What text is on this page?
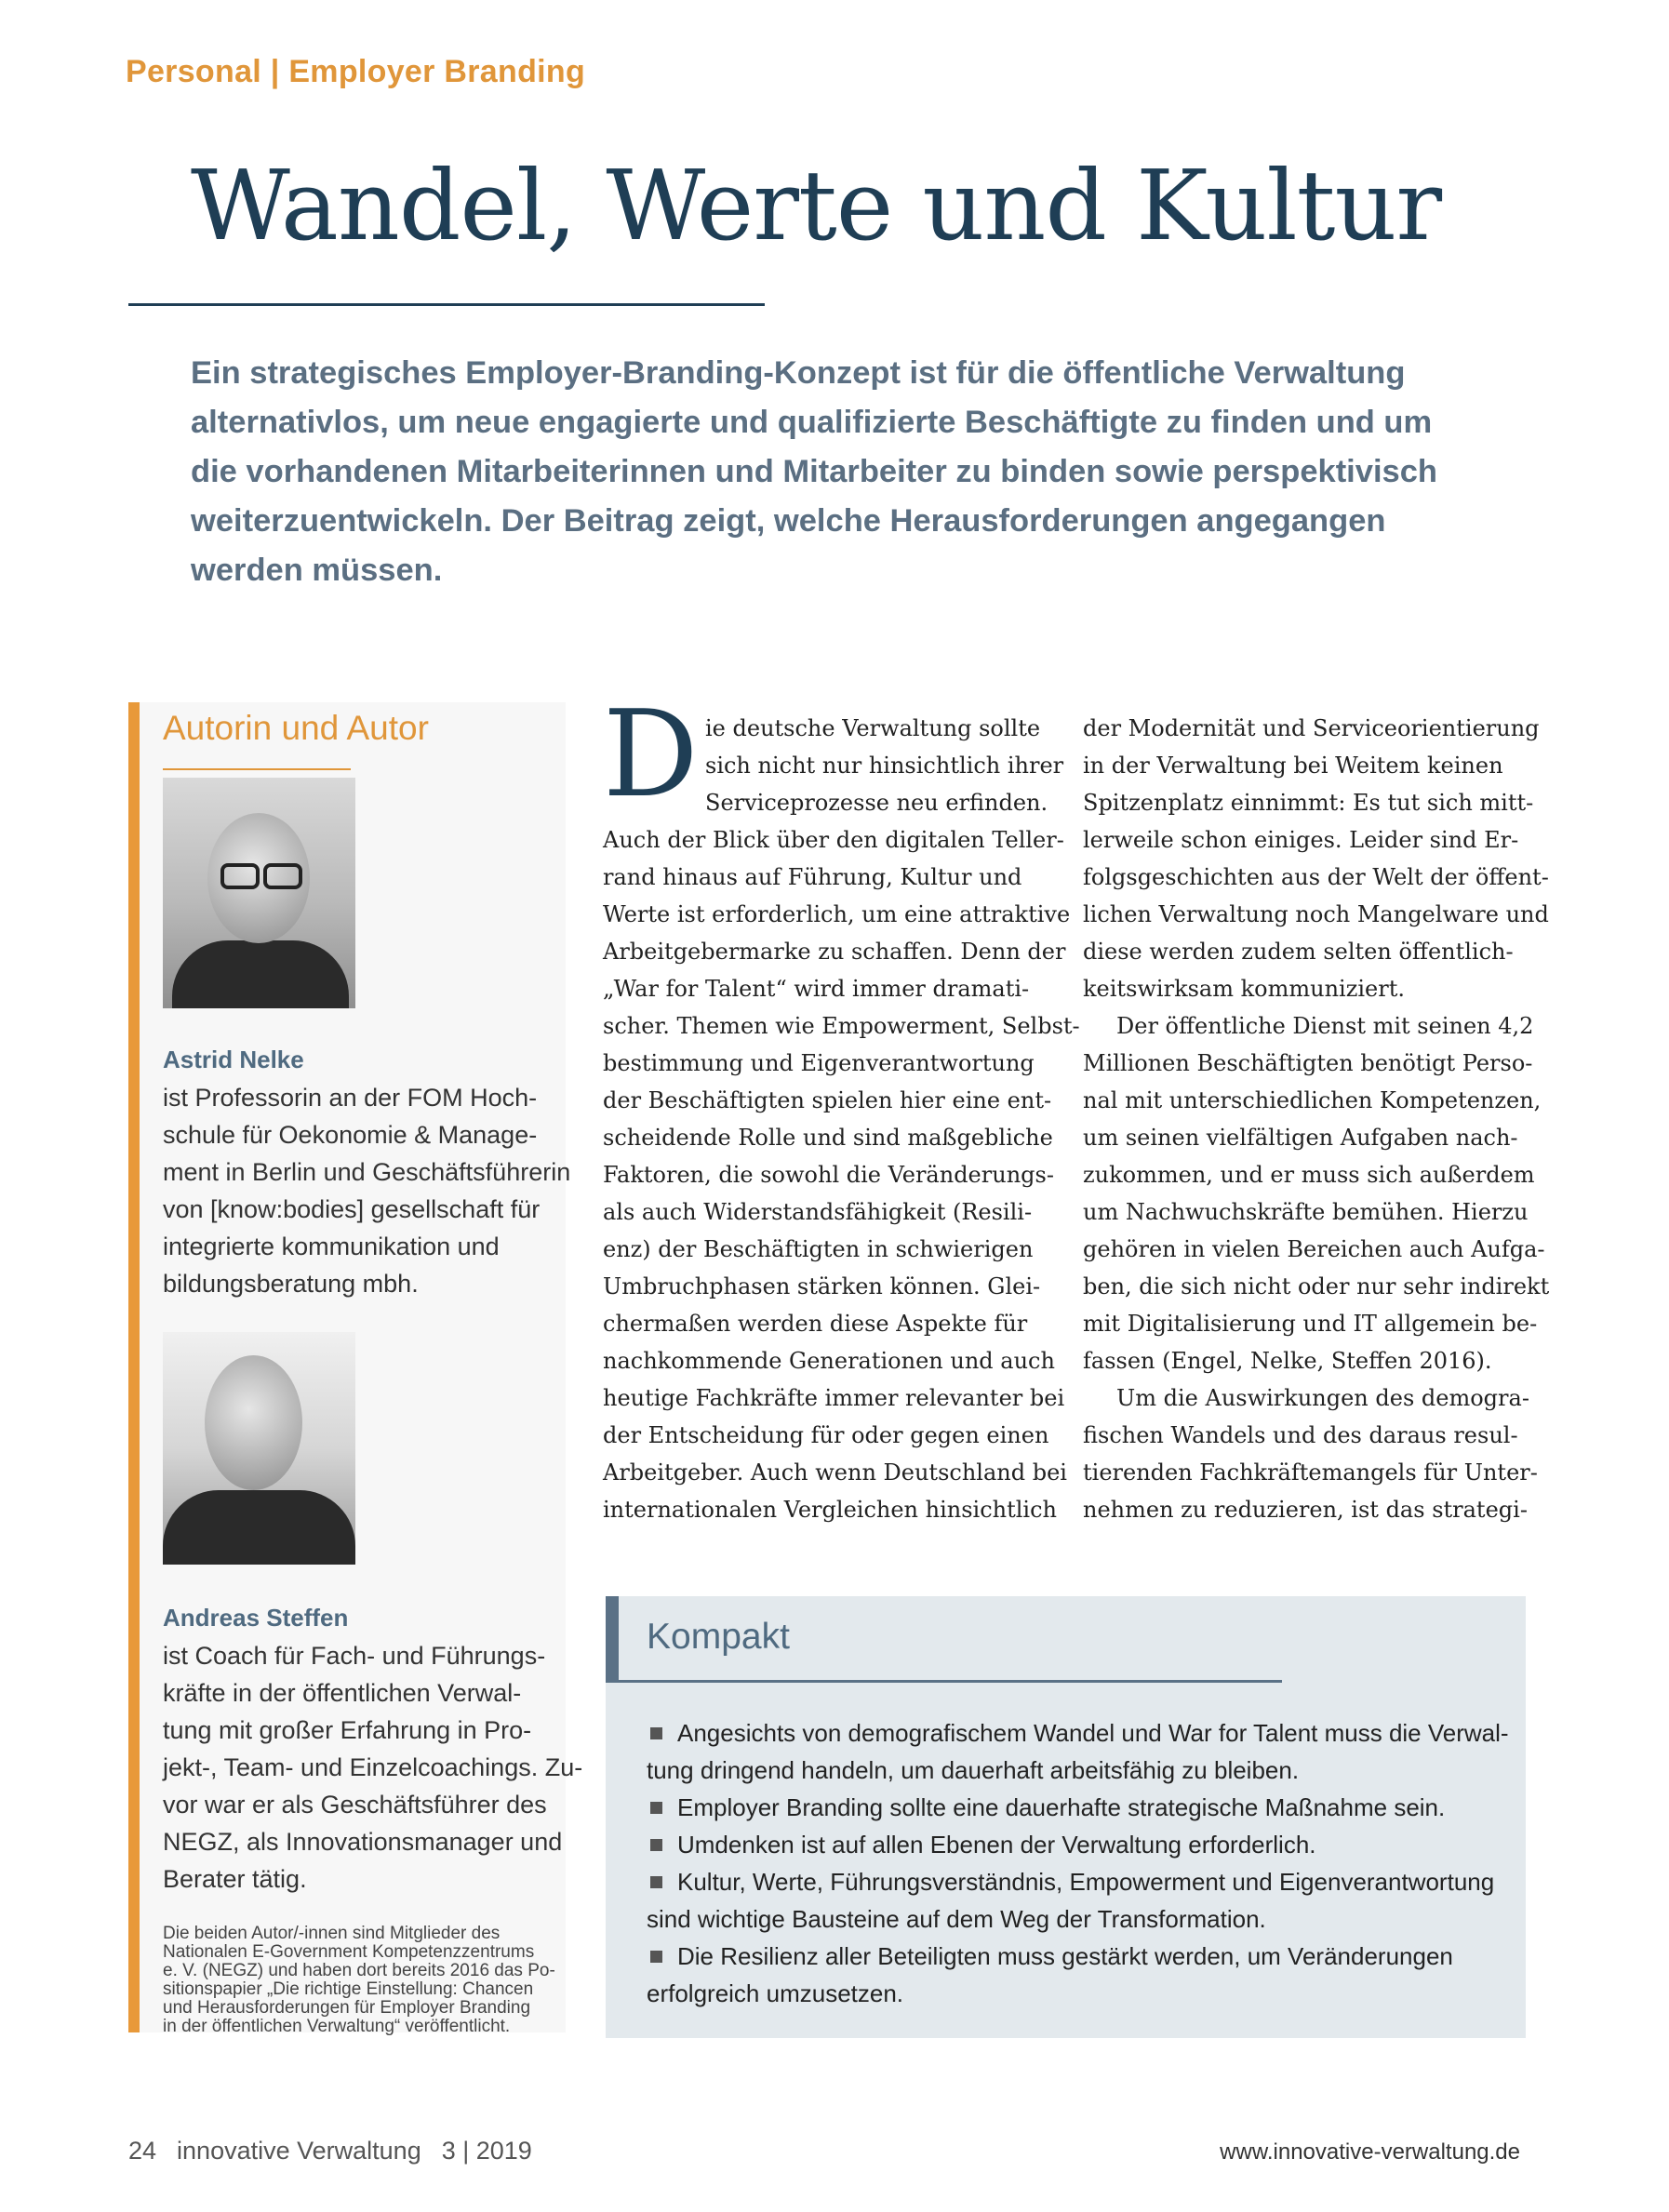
Personal | Employer Branding
Wandel, Werte und Kultur

Ein strategisches Employer-Branding-Konzept ist für die öffentliche Verwaltung

alternativlos, um neue engagierte und qualifizierte Beschäftigte zu finden und um

die vorhandenen Mitarbeiterinnen und Mitarbeiter zu binden sowie perspektivisch

weiterzuentwickeln. Der Beitrag zeigt, welche Herausforderungen angegangen

werden müssen.

Autorin und Autor
Astrid Nelke

ist Professorin an der FOM Hoch-

schule für Oekonomie & Manage-

ment in Berlin und Geschäftsführerin

von [know:bodies] gesellschaft für

integrierte kommunikation und

bildungsberatung mbh.

Andreas Steffen

ist Coach für Fach- und Führungs-

kräfte in der öffentlichen Verwal-

tung mit großer Erfahrung in Pro-

jekt-, Team- und Einzelcoachings. Zu-

vor war er als Geschäftsführer des

NEGZ, als Innovationsmanager und

Berater tätig.

Die beiden Autor/-innen sind Mitglieder des

Nationalen E-Government Kompetenzzentrums

e. V. (NEGZ) und haben dort bereits 2016 das Po-

sitionspapier „Die richtige Einstellung: Chancen

und Herausforderungen für Employer Branding

in der öffentlichen Verwaltung“ veröffentlicht.

D ie deutsche Verwaltung sollte

sich nicht nur hinsichtlich ihrer

Serviceprozesse neu erfinden.

Auch der Blick über den digitalen Teller-

rand hinaus auf Führung, Kultur und

Werte ist erforderlich, um eine attraktive

Arbeitgebermarke zu schaffen. Denn der

„War for Talent“ wird immer dramati-

scher. Themen wie Empowerment, Selbst-

bestimmung und Eigenverantwortung

der Beschäftigten spielen hier eine ent-

scheidende Rolle und sind maßgebliche

Faktoren, die sowohl die Veränderungs-

als auch Widerstandsfähigkeit (Resili-

enz) der Beschäftigten in schwierigen

Umbruchphasen stärken können. Glei-

chermaßen werden diese Aspekte für

nachkommende Generationen und auch

heutige Fachkräfte immer relevanter bei

der Entscheidung für oder gegen einen

Arbeitgeber. Auch wenn Deutschland bei

internationalen Vergleichen hinsichtlich

der Modernität und Serviceorientierung

in der Verwaltung bei Weitem keinen

Spitzenplatz einnimmt: Es tut sich mitt-

lerweile schon einiges. Leider sind Er-

folgsgeschichten aus der Welt der öffent-

lichen Verwaltung noch Mangelware und

diese werden zudem selten öffentlich-

keitswirksam kommuniziert.

Der öffentliche Dienst mit seinen 4,2

Millionen Beschäftigten benötigt Perso-

nal mit unterschiedlichen Kompetenzen,

um seinen vielfältigen Aufgaben nach-

zukommen, und er muss sich außerdem

um Nachwuchskräfte bemühen. Hierzu

gehören in vielen Bereichen auch Aufga-

ben, die sich nicht oder nur sehr indirekt

mit Digitalisierung und IT allgemein be-

fassen (Engel, Nelke, Steffen 2016).

Um die Auswirkungen des demogra-

fischen Wandels und des daraus resul-

tierenden Fachkräftemangels für Unter-

nehmen zu reduzieren, ist das strategi-

Kompakt

Angesichts von demografischem Wandel und War for Talent muss die Verwal-

tung dringend handeln, um dauerhaft arbeitsfähig zu bleiben.

Employer Branding sollte eine dauerhafte strategische Maßnahme sein.

Umdenken ist auf allen Ebenen der Verwaltung erforderlich.

Kultur, Werte, Führungsverständnis, Empowerment und Eigenverantwortung

sind wichtige Bausteine auf dem Weg der Transformation.

Die Resilienz aller Beteiligten muss gestärkt werden, um Veränderungen

erfolgreich umzusetzen.

24 innovative Verwaltung 3 | 2019	www.innovative-verwaltung.de
